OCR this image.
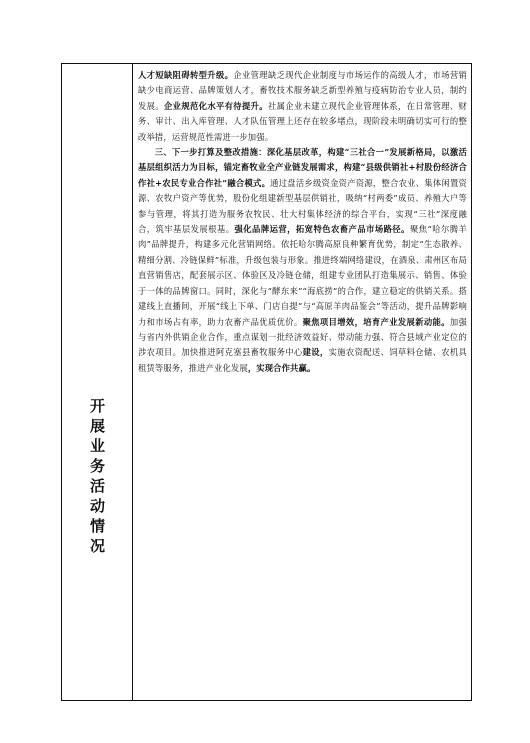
开
展
业
务
活
动
情
况

人才短缺阻碍转型升级。企业管理缺乏现代企业制度与市场运作的高级人才，市场营销缺少电商运营、品牌策划人才，畜牧技术服务缺乏新型养殖与疫病防治专业人员，制约发展。企业规范化水平有待提升。社属企业未建立现代企业管理体系，在日常管理、财务、审计、出入库管理、人才队伍管理上还存在较多堵点，现阶段未明确切实可行的整改举措，运营规范性需进一步加强。

三、下一步打算及整改措施：深化基层改革，构建“三社合一”发展新格局，以激活基层组织活力为目标，锚定畜牧业全产业链发展需求，构建“县级供销社+村股份经济合作社+农民专业合作社”融合模式。通过盘活乡级资金资产资源，整合农业、集体闲置资源、农牧户资产等优势，股份化组建新型基层供销社，吸纳“村两委”成员、养殖大户等参与管理，将其打造为服务农牧民、壮大村集体经济的综合平台，实现“三社”深度融合，筑牢基层发展根基。强化品牌运营，拓宽特色农畜产品市场路径。聚焦“哈尔腾羊肉”品牌提升，构建多元化营销网络。依托哈尔腾高原良种繁育优势，制定“生态散养、精细分割、冷链保鲜”标准，升级包装与形象。推进终端网络建设，在酒泉、肃州区布局直营销售店，配套展示区、体验区及冷链仓储，组建专业团队打造集展示、销售、体验于一体的品牌窗口。同时，深化与“酵东来”“海底捞”的合作，建立稳定的供销关系。搭建线上直播间，开展“线上下单、门店自提”与“高原羊肉品鉴会”等活动，提升品牌影响力和市场占有率，助力农畜产品优质优价。聚焦项目增效，培育产业发展新动能。加强与省内外供销企业合作，重点谋划一批经济效益好、带动能力强、符合县域产业定位的涉农项目。加快推进阿克塞县畜牧服务中心建设，实施农资配送、饲草料仓储、农机具租赁等服务，推进产业化发展，实现合作共赢。
